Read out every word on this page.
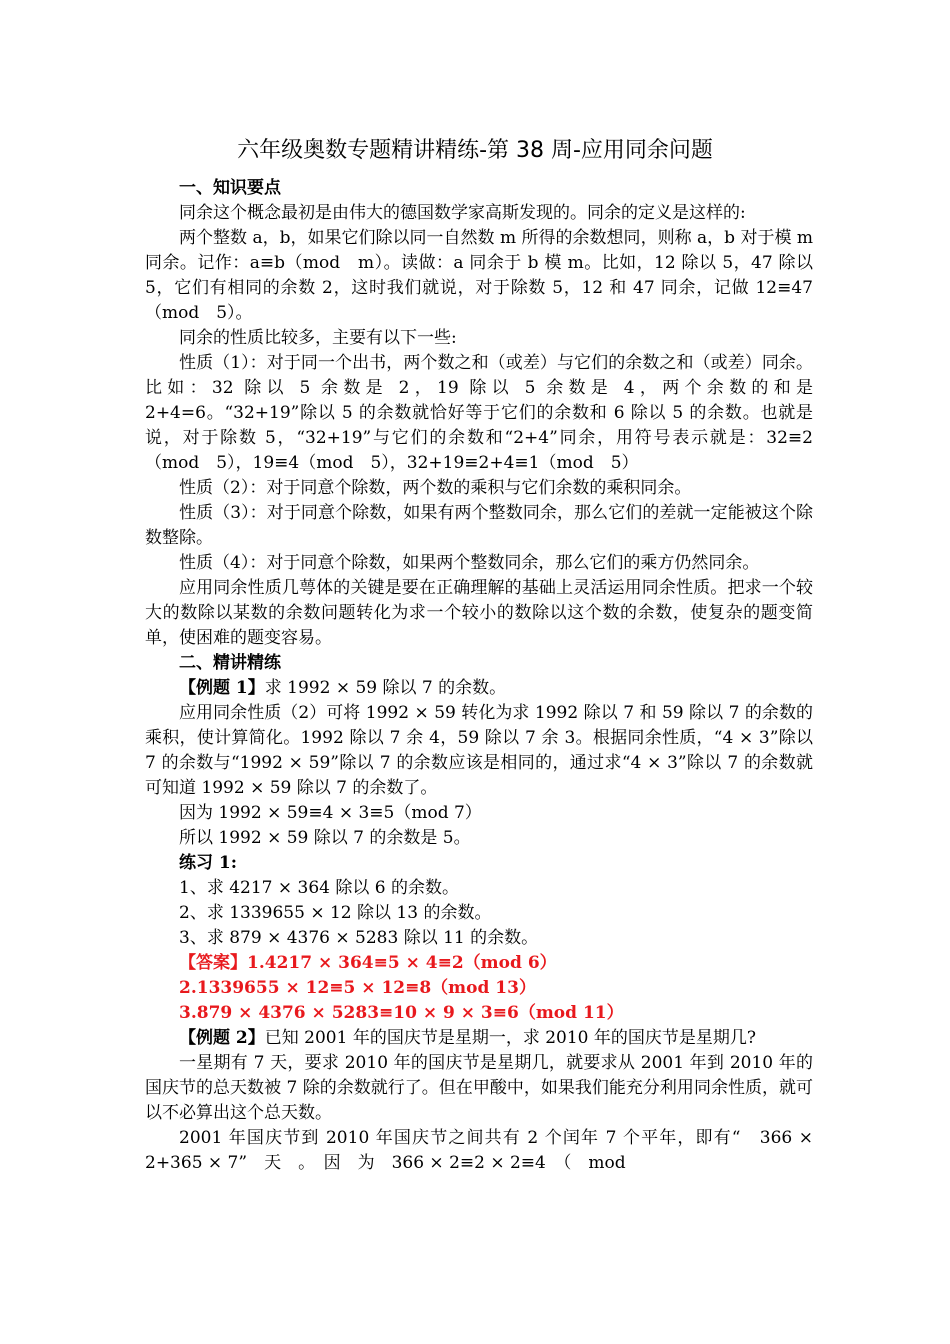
六年级奥数专题精讲精练-第 38 周-应用同余问题

一、知识要点

同余这个概念最初是由伟大的德国数学家高斯发现的。同余的定义是这样的:

两个整数 a，b，如果它们除以同一自然数 m 所得的余数想同，则称 a，b 对于模 m 同余。记作：a≡b（mod　m）。读做：a 同余于 b 模 m。比如，12 除以 5，47 除以 5，它们有相同的余数 2，这时我们就说，对于除数 5，12 和 47 同余，记做 12≡47（mod　5）。

同余的性质比较多，主要有以下一些:

性质（1）：对于同一个出书，两个数之和（或差）与它们的余数之和（或差）同余。比如：32 除以 5 余数是 2，19 除以 5 余数是 4，两个余数的和是 2+4=6。“32+19”除以 5 的余数就恰好等于它们的余数和 6 除以 5 的余数。也就是说，对于除数 5，“32+19”与它们的余数和“2+4”同余，用符号表示就是：32≡2（mod　5），19≡4（mod　5），32+19≡2+4≡1（mod　5）

性质（2）：对于同意个除数，两个数的乘积与它们余数的乘积同余。

性质（3）：对于同意个除数，如果有两个整数同余，那么它们的差就一定能被这个除数整除。

性质（4）：对于同意个除数，如果两个整数同余，那么它们的乘方仍然同余。

应用同余性质几萼体的关键是要在正确理解的基础上灵活运用同余性质。把求一个较大的数除以某数的余数问题转化为求一个较小的数除以这个数的余数，使复杂的题变简单，使困难的题变容易。

二、精讲精练

【例题 1】求 1992 × 59 除以 7 的余数。

应用同余性质（2）可将 1992 × 59 转化为求 1992 除以 7 和 59 除以 7 的余数的乘积，使计算简化。1992 除以 7 余 4，59 除以 7 余 3。根据同余性质，“4 × 3”除以 7 的余数与“1992 × 59”除以 7 的余数应该是相同的，通过求“4 × 3”除以 7 的余数就可知道 1992 × 59 除以 7 的余数了。

因为 1992 × 59≡4 × 3≡5（mod 7）

所以 1992 × 59 除以 7 的余数是 5。

练习 1:

1、求 4217 × 364 除以 6 的余数。

2、求 1339655 × 12 除以 13 的余数。

3、求 879 × 4376 × 5283 除以 11 的余数。

【答案】1.4217 × 364≡5 × 4≡2（mod 6）

2.1339655 × 12≡5 × 12≡8（mod 13）

3.879 × 4376 × 5283≡10 × 9 × 3≡6（mod 11）

【例题 2】已知 2001 年的国庆节是星期一，求 2010 年的国庆节是星期几?

一星期有 7 天，要求 2010 年的国庆节是星期几，就要求从 2001 年到 2010 年的国庆节的总天数被 7 除的余数就行了。但在甲酸中，如果我们能充分利用同余性质，就可以不必算出这个总天数。

2001 年国庆节到 2010 年国庆节之间共有 2 个闰年 7 个平年，即有“　366 × 2+365 × 7”　天　。　因　为　366 × 2≡2 × 2≡4　（　mod
